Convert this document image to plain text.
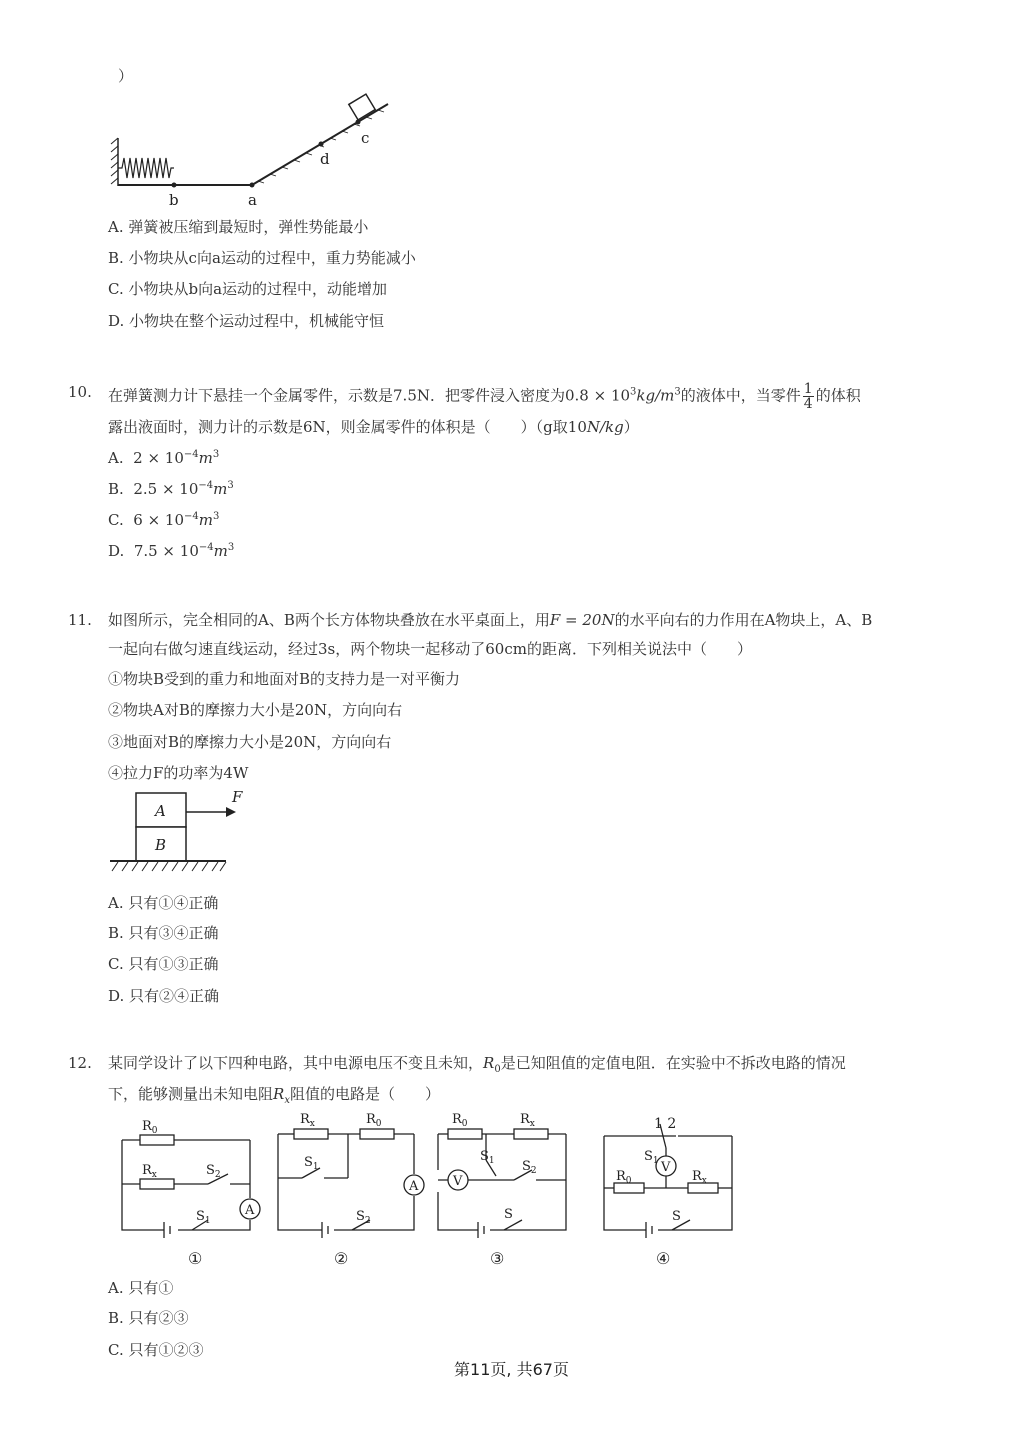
）
b	a
d
c
A. 弹簧被压缩到最短时，弹性势能最小
B. 小物块从c向a运动的过程中，重力势能减小
C. 小物块从b向a运动的过程中，动能增加
D. 小物块在整个运动过程中，机械能守恒
10. 在弹簧测力计下悬挂一个金属零件，示数是7.5N．把零件浸入密度为$0.8 \times 10^3kg/m^3$的液体中，当零件 $\frac{1}{4}$ 的体积
露出液面时，测力计的示数是6N，则金属零件的体积是（　　）（g取10N/kg）
A. $2 \times 10^{-4}m^3$
B. $2.5 \times 10^{-4}m^3$
C. $6 \times 10^{-4}m^3$
D. $7.5 \times 10^{-4}m^3$
11. 如图所示，完全相同的A、B两个长方体物块叠放在水平桌面上，用F = 20N的水平向右的力作用在A物块上，A、B
一起向右做匀速直线运动，经过3s，两个物块一起移动了60cm的距离．下列相关说法中（　　）
①物块B受到的重力和地面对B的支持力是一对平衡力
②物块A对B的摩擦力大小是20N，方向向右
③地面对B的摩擦力大小是20N，方向向右
④拉力F的功率为4W
A
B
F
A. 只有①④正确
B. 只有③④正确
C. 只有①③正确
D. 只有②④正确
12. 某同学设计了以下四种电路，其中电源电压不变且未知，$R_0$是已知阻值的定值电阻．在实验中不拆改电路的情况
下，能够测量出未知电阻$R_x$阻值的电路是（　　）
A
$R_0$
$R_x$	$S_2$
$S_1$
①
A
$R_x$	$R_0$
$S_1$
$S_2$
②
V
$R_0$	$R_x$
$S_1$ $S_2$
S
③
V
1 2
$S_1$
$R_0$	$R_x$
S
④
A. 只有①
B. 只有②③
C. 只有①②③
第11页, 共67页
